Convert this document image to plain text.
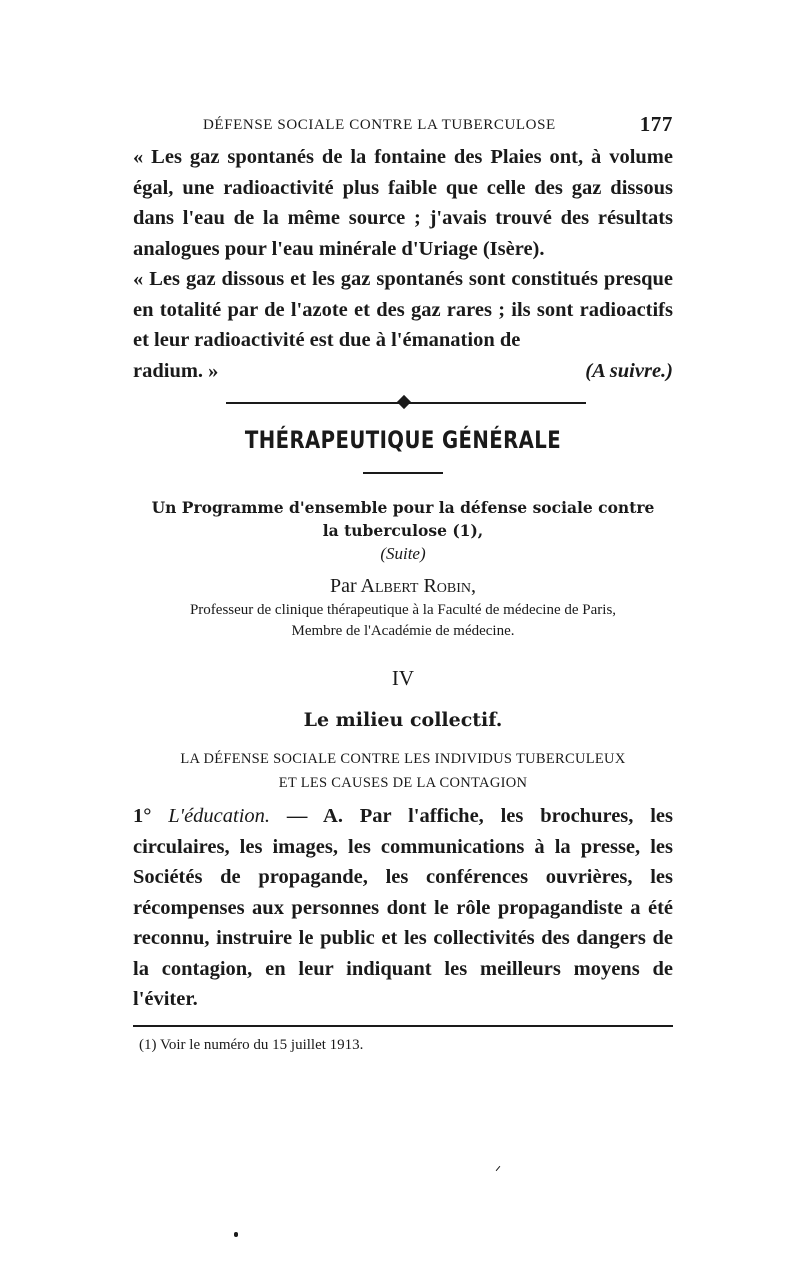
DÉFENSE SOCIALE CONTRE LA TUBERCULOSE	177

« Les gaz spontanés de la fontaine des Plaies ont, à volume égal, une radioactivité plus faible que celle des gaz dissous dans l'eau de la même source ; j'avais trouvé des résultats analogues pour l'eau minérale d'Uriage (Isère).

« Les gaz dissous et les gaz spontanés sont constitués presque en totalité par de l'azote et des gaz rares ; ils sont radioactifs et leur radioactivité est due à l'émanation de

radium. »	(A suivre.)
THÉRAPEUTIQUE GÉNÉRALE
Un Programme d'ensemble pour la défense sociale contre
la tuberculose (1),
(Suite)
Par Albert Robin,
Professeur de clinique thérapeutique à la Faculté de médecine de Paris,
Membre de l'Académie de médecine.
IV
Le milieu collectif.
LA DÉFENSE SOCIALE CONTRE LES INDIVIDUS TUBERCULEUX
ET LES CAUSES DE LA CONTAGION

1° L'éducation. — A. Par l'affiche, les brochures, les circulaires, les images, les communications à la presse, les Sociétés de propagande, les conférences ouvrières, les récompenses aux personnes dont le rôle propagandiste a été reconnu, instruire le public et les collectivités des dangers de la contagion, en leur indiquant les meilleurs moyens de l'éviter.

(1) Voir le numéro du 15 juillet 1913.
